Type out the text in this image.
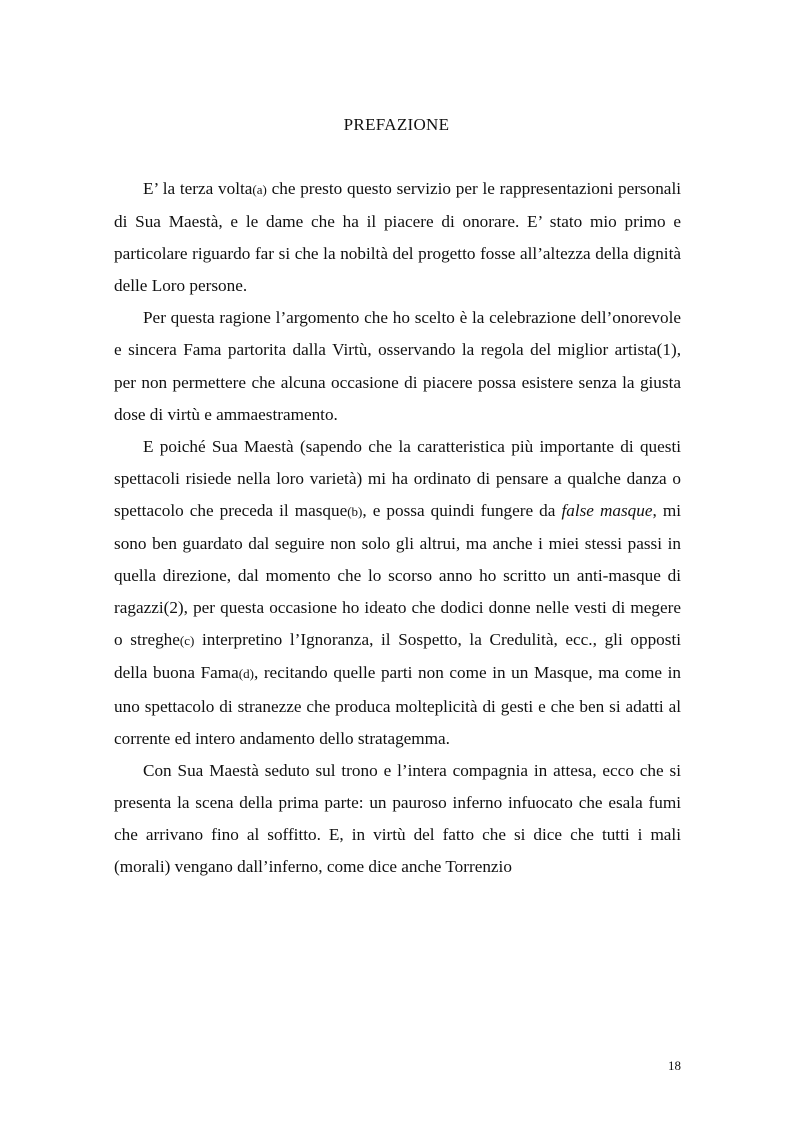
PREFAZIONE

E’ la terza volta(a) che presto questo servizio per le rappresentazioni personali di Sua Maestà, e le dame che ha il piacere di onorare. E’ stato mio primo e particolare riguardo far si che la nobiltà del progetto fosse all’altezza della dignità delle Loro persone.

Per questa ragione l’argomento che ho scelto è la celebrazione dell’onorevole e sincera Fama partorita dalla Virtù, osservando la regola del miglior artista(1), per non permettere che alcuna occasione di piacere possa esistere senza la giusta dose di virtù e ammaestramento.

E poiché Sua Maestà (sapendo che la caratteristica più importante di questi spettacoli risiede nella loro varietà) mi ha ordinato di pensare a qualche danza o spettacolo che preceda il masque(b), e possa quindi fungere da false masque, mi sono ben guardato dal seguire non solo gli altrui, ma anche i miei stessi passi in quella direzione, dal momento che lo scorso anno ho scritto un anti-masque di ragazzi(2), per questa occasione ho ideato che dodici donne nelle vesti di megere o streghe(c) interpretino l’Ignoranza, il Sospetto, la Credulità, ecc., gli opposti della buona Fama(d), recitando quelle parti non come in un Masque, ma come in uno spettacolo di stranezze che produca molteplicità di gesti e che ben si adatti al corrente ed intero andamento dello stratagemma.

Con Sua Maestà seduto sul trono e l’intera compagnia in attesa, ecco che si presenta la scena della prima parte: un pauroso inferno infuocato che esala fumi che arrivano fino al soffitto. E, in virtù del fatto che si dice che tutti i mali (morali) vengano dall’inferno, come dice anche Torrenzio

18
